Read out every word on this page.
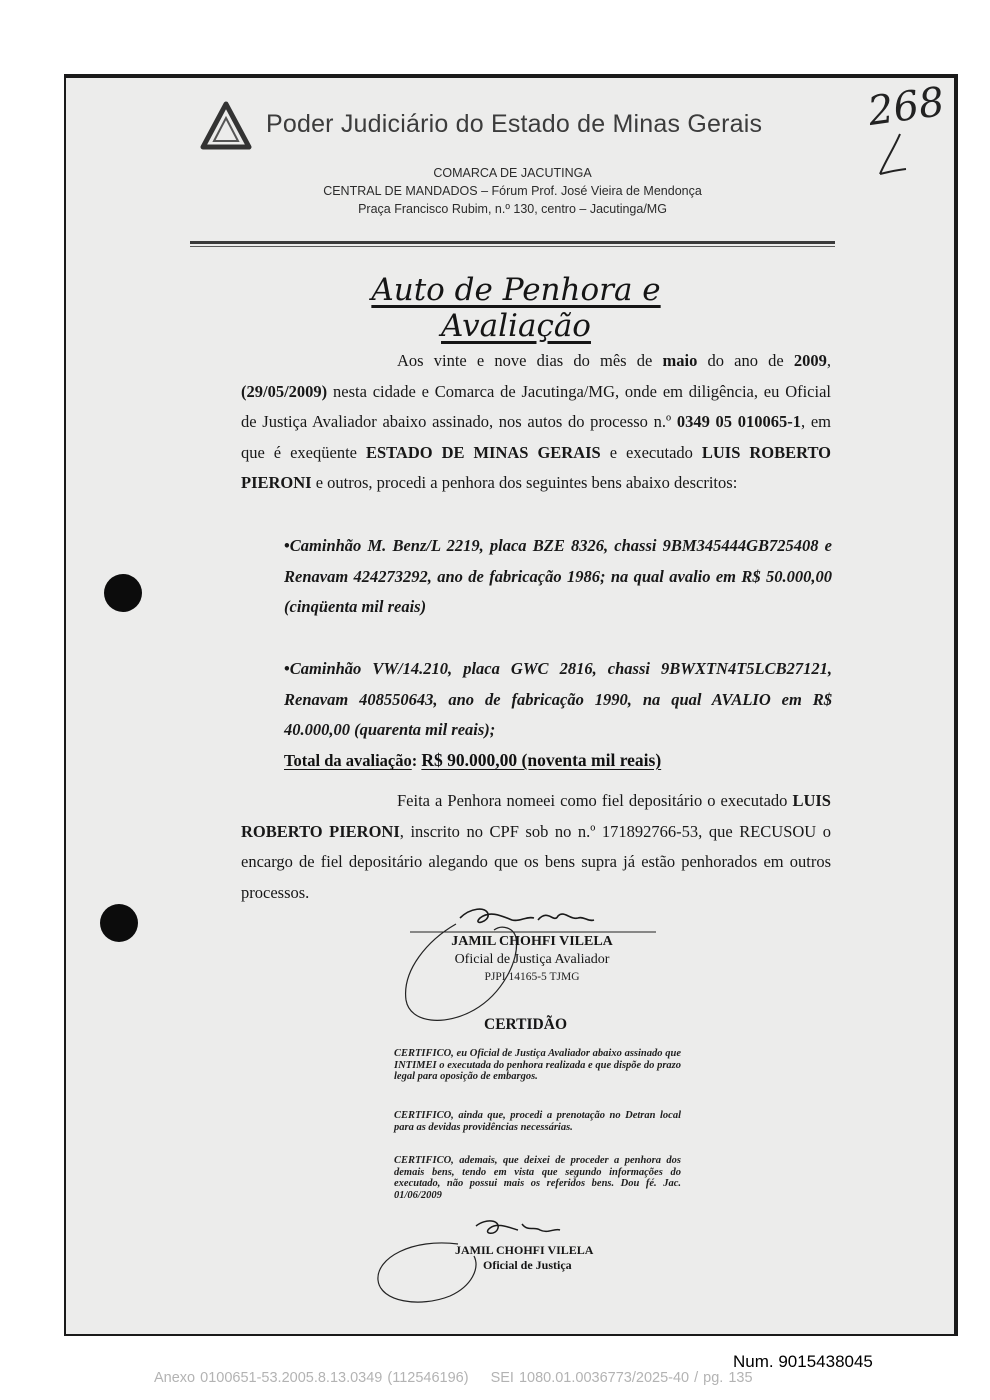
Poder Judiciário do Estado de Minas Gerais
COMARCA DE JACUTINGA
CENTRAL DE MANDADOS – Fórum Prof. José Vieira de Mendonça
Praça Francisco Rubim, n.º 130, centro – Jacutinga/MG
268
Auto de Penhora e Avaliação
Aos vinte e nove dias do mês de maio do ano de 2009, (29/05/2009) nesta cidade e Comarca de Jacutinga/MG, onde em diligência, eu Oficial de Justiça Avaliador abaixo assinado, nos autos do processo n.º 0349 05 010065-1, em que é exeqüente ESTADO DE MINAS GERAIS e executado LUIS ROBERTO PIERONI e outros, procedi a penhora dos seguintes bens abaixo descritos:
•Caminhão M. Benz/L 2219, placa BZE 8326, chassi 9BM345444GB725408 e Renavam 424273292, ano de fabricação 1986; na qual avalio em R$ 50.000,00 (cinqüenta mil reais)
•Caminhão VW/14.210, placa GWC 2816, chassi 9BWXTN4T5LCB27121, Renavam 408550643, ano de fabricação 1990, na qual AVALIO em R$ 40.000,00 (quarenta mil reais);
Total da avaliação: R$ 90.000,00 (noventa mil reais)
Feita a Penhora nomeei como fiel depositário o executado LUIS ROBERTO PIERONI, inscrito no CPF sob no n.º 171892766-53, que RECUSOU o encargo de fiel depositário alegando que os bens supra já estão penhorados em outros processos.
JAMIL CHOHFI VILELA
Oficial de Justiça Avaliador
PJPI 14165-5 TJMG
CERTIDÃO

CERTIFICO, eu Oficial de Justiça Avaliador abaixo assinado que INTIMEI o executada do penhora realizada e que dispõe do prazo legal para oposição de embargos.

CERTIFICO, ainda que, procedi a prenotação no Detran local para as devidas providências necessárias.

CERTIFICO, ademais, que deixei de proceder a penhora dos demais bens, tendo em vista que segundo informações do executado, não possui mais os referidos bens. Dou fé. Jac. 01/06/2009

JAMIL CHOHFI VILELA
Oficial de Justiça
Num. 9015438045
Anexo 0100651-53.2005.8.13.0349 (112546196) SEI 1080.01.0036773/2025-40 / pg. 135
